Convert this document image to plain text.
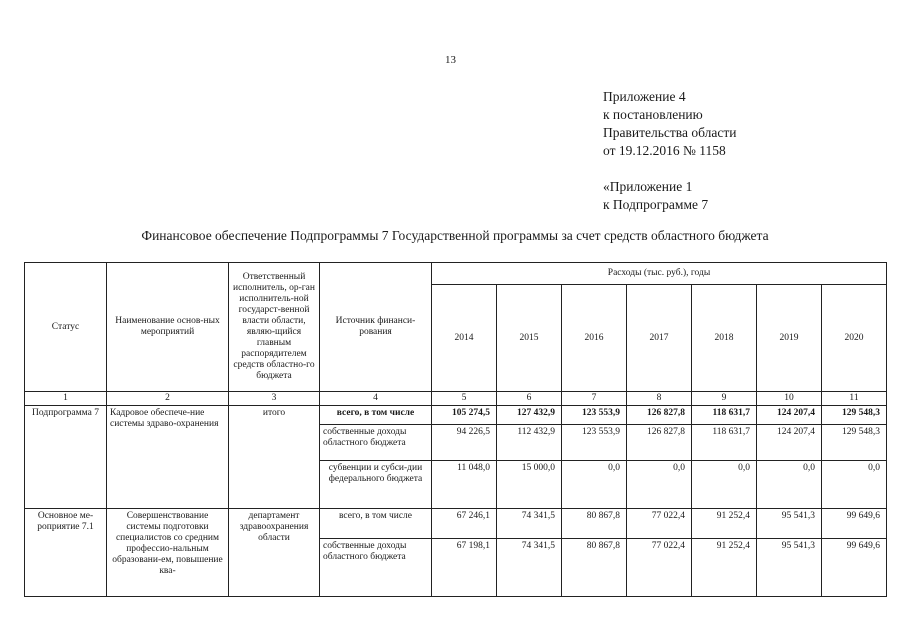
13
Приложение 4
к постановлению
Правительства области
от 19.12.2016 № 1158
«Приложение 1
к Подпрограмме 7
Финансовое обеспечение Подпрограммы 7 Государственной программы за счет средств областного бюджета
Статус	Наименование основ-ных мероприятий	Ответственный исполнитель, ор-ган исполнитель-ной государст-венной власти области, являю-щийся главным распорядителем средств областно-го бюджета	Источник финанси-рования	Расходы (тыс. руб.), годы						
				2014	2015	2016	2017	2018	2019	2020
1	2	3	4	5	6	7	8	9	10	11
Подпрограмма 7	Кадровое обеспече-ние системы здраво-охранения	итого	всего, в том числе	105 274,5	127 432,9	123 553,9	126 827,8	118 631,7	124 207,4	129 548,3
			собственные доходы областного бюджета	94 226,5	112 432,9	123 553,9	126 827,8	118 631,7	124 207,4	129 548,3
			субвенции и субси-дии федерального бюджета	11 048,0	15 000,0	0,0	0,0	0,0	0,0	0,0
Основное ме-роприятие 7.1	Совершенствование системы подготовки специалистов со средним профессио-нальным образовани-ем, повышение ква-	департамент здравоохранения области	всего, в том числе	67 246,1	74 341,5	80 867,8	77 022,4	91 252,4	95 541,3	99 649,6
			собственные доходы областного бюджета	67 198,1	74 341,5	80 867,8	77 022,4	91 252,4	95 541,3	99 649,6
